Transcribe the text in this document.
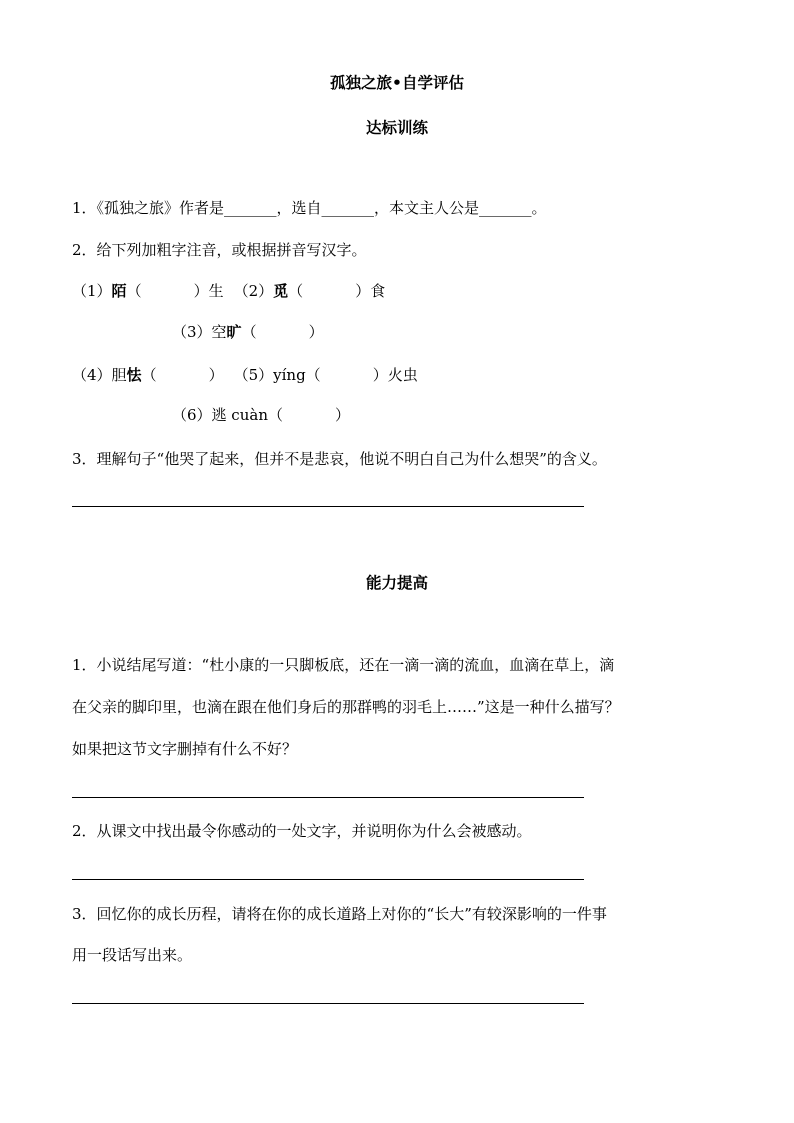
孤独之旅•自学评估
达标训练
1．《孤独之旅》作者是_______，选自_______，本文主人公是_______。
2．给下列加粗字注音，或根据拼音写汉字。
（1）陌（	）生 （2）觅（	）食
（3）空旷（	）
（4）胆怯（	） （5）yíng（	）火虫
（6）逃 cuàn（	）
3．理解句子“他哭了起来，但并不是悲哀，他说不明白自己为什么想哭”的含义。
能力提高
1．小说结尾写道：“杜小康的一只脚板底，还在一滴一滴的流血，血滴在草上，滴
在父亲的脚印里，也滴在跟在他们身后的那群鸭的羽毛上……”这是一种什么描写？
如果把这节文字删掉有什么不好？
2．从课文中找出最令你感动的一处文字，并说明你为什么会被感动。
3．回忆你的成长历程，请将在你的成长道路上对你的“长大”有较深影响的一件事
用一段话写出来。
